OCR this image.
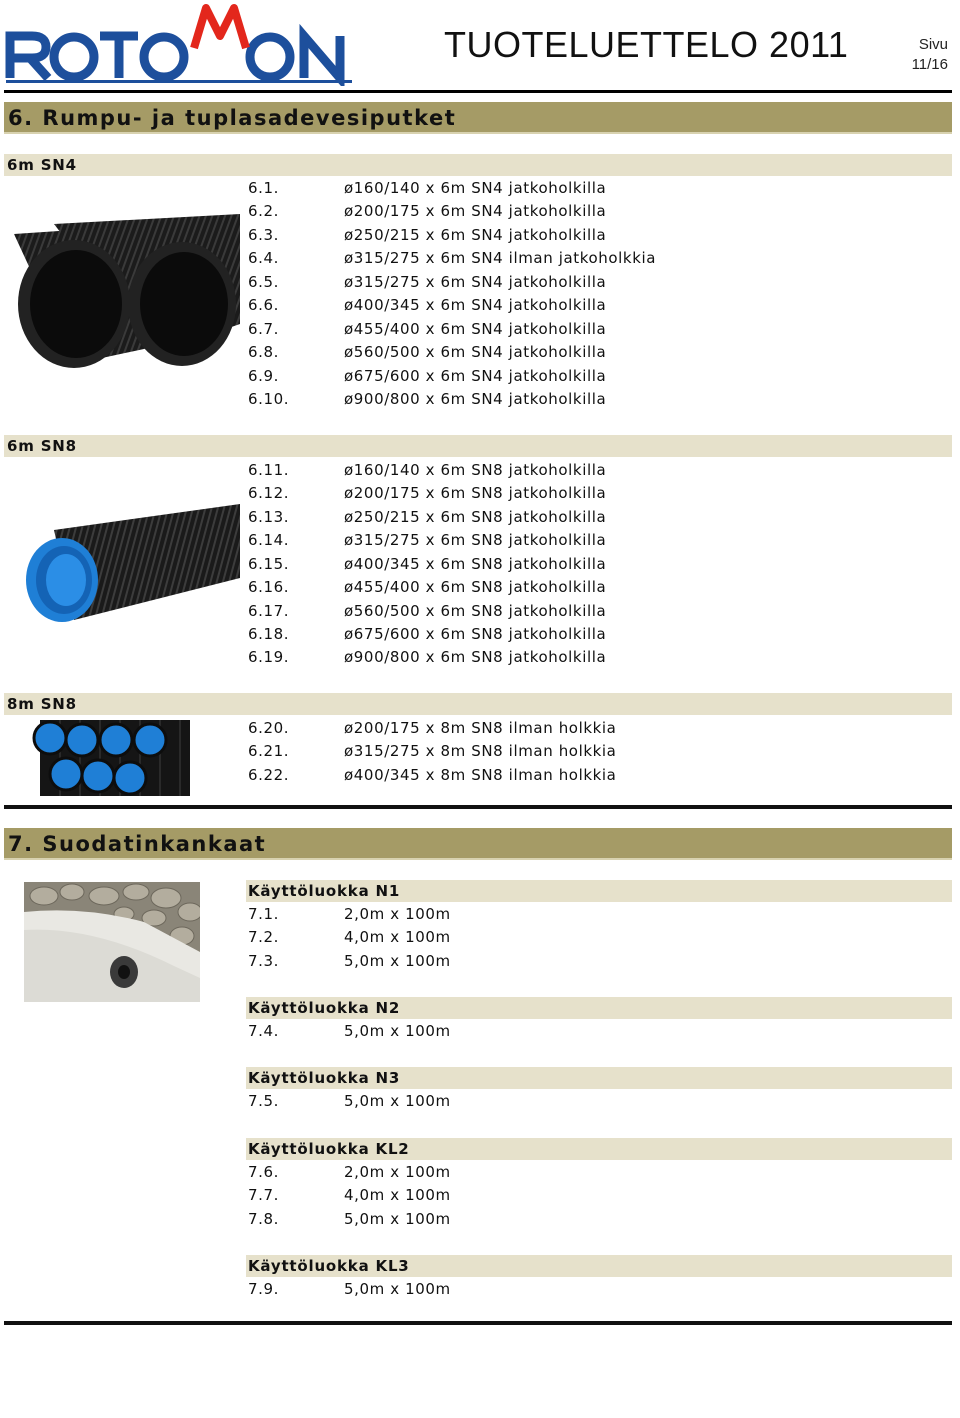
TUOTELUETTELO 2011	Sivu
11/16
6. Rumpu- ja tuplasadevesiputket
6m SN4
6.1.	ø160/140 x 6m SN4 jatkoholkilla
6.2.	ø200/175 x 6m SN4 jatkoholkilla
6.3.	ø250/215 x 6m SN4 jatkoholkilla
6.4.	ø315/275 x 6m SN4 ilman jatkoholkkia
6.5.	ø315/275 x 6m SN4 jatkoholkilla
6.6.	ø400/345 x 6m SN4 jatkoholkilla
6.7.	ø455/400 x 6m SN4 jatkoholkilla
6.8.	ø560/500 x 6m SN4 jatkoholkilla
6.9.	ø675/600 x 6m SN4 jatkoholkilla
6.10.	ø900/800 x 6m SN4 jatkoholkilla
6m SN8
6.11.	ø160/140 x 6m SN8 jatkoholkilla
6.12.	ø200/175 x 6m SN8 jatkoholkilla
6.13.	ø250/215 x 6m SN8 jatkoholkilla
6.14.	ø315/275 x 6m SN8 jatkoholkilla
6.15.	ø400/345 x 6m SN8 jatkoholkilla
6.16.	ø455/400 x 6m SN8 jatkoholkilla
6.17.	ø560/500 x 6m SN8 jatkoholkilla
6.18.	ø675/600 x 6m SN8 jatkoholkilla
6.19.	ø900/800 x 6m SN8 jatkoholkilla
8m SN8
6.20.	ø200/175 x 8m SN8 ilman holkkia
6.21.	ø315/275 x 8m SN8 ilman holkkia
6.22.	ø400/345 x 8m SN8 ilman holkkia
7. Suodatinkankaat
Käyttöluokka N1
7.1.	2,0m x 100m
7.2.	4,0m x 100m
7.3.	5,0m x 100m
Käyttöluokka N2
7.4.	5,0m x 100m
Käyttöluokka N3
7.5.	5,0m x 100m
Käyttöluokka KL2
7.6.	2,0m x 100m
7.7.	4,0m x 100m
7.8.	5,0m x 100m
Käyttöluokka KL3
7.9.	5,0m x 100m
